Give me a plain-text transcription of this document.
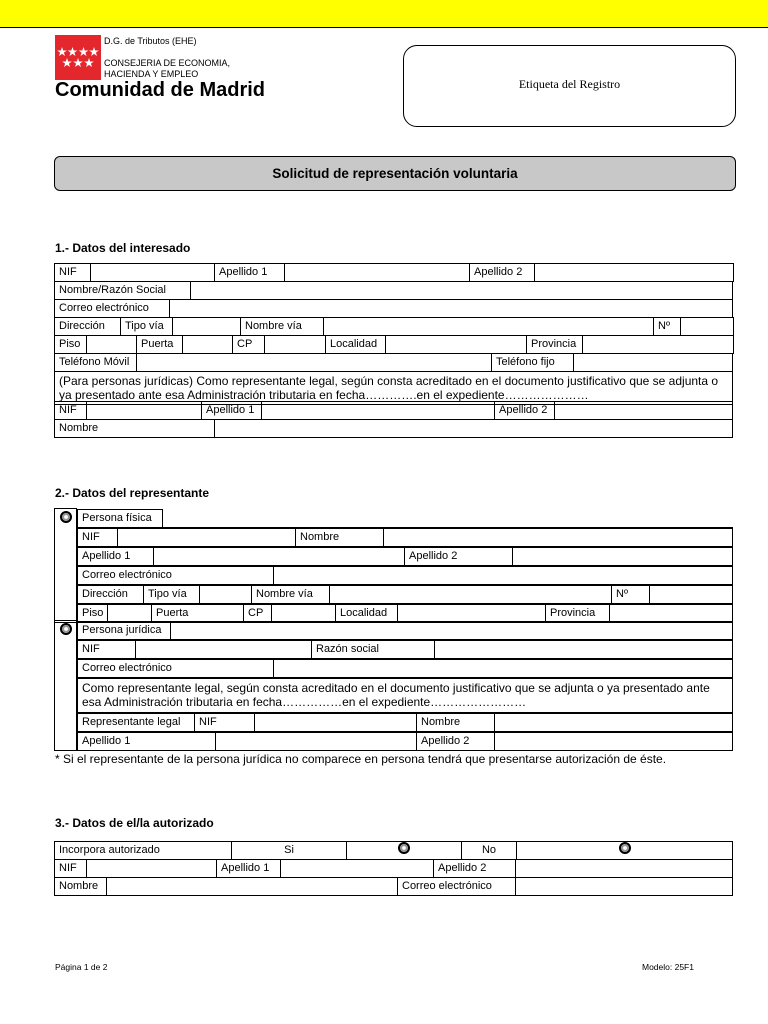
D.G. de Tributos (EHE)
CONSEJERIA DE ECONOMIA,
HACIENDA Y EMPLEO
Comunidad de Madrid	Etiqueta del Registro
Solicitud de representación voluntaria
1.- Datos del interesado
NIF		Apellido 1		Apellido 2	
Nombre/Razón Social	
Correo electrónico	
Dirección	Tipo vía		Nombre vía		Nº	
Piso		Puerta		CP		Localidad		Provincia	
Teléfono Móvil		Teléfono fijo	
(Para personas jurídicas) Como representante legal, según consta acreditado en el documento justificativo que se adjunta o ya presentado ante esa Administración tributaria en fecha………….en el expediente…………………
NIF		Apellido 1		Apellido 2	
Nombre	
2.- Datos del representante

Persona física	
NIF		Nombre	
Apellido 1		Apellido 2	
Correo electrónico	
Dirección	Tipo vía		Nombre vía		Nº	
Piso		Puerta	CP		Localidad		Provincia	

Persona jurídica	
NIF		Razón social	
Correo electrónico	
Como representante legal, según consta acreditado en el documento justificativo que se adjunta o ya presentado ante esa Administración tributaria en fecha……………en el expediente……………………
Representante legal	NIF		Nombre	
Apellido 1		Apellido 2	
* Si el representante de la persona jurídica no comparece en persona tendrá que presentarse autorización de éste.
3.- Datos de el/la autorizado
Incorpora autorizado	Si		No	
NIF		Apellido 1		Apellido 2	
Nombre		Correo electrónico	
Página 1 de 2	Modelo: 25F1
